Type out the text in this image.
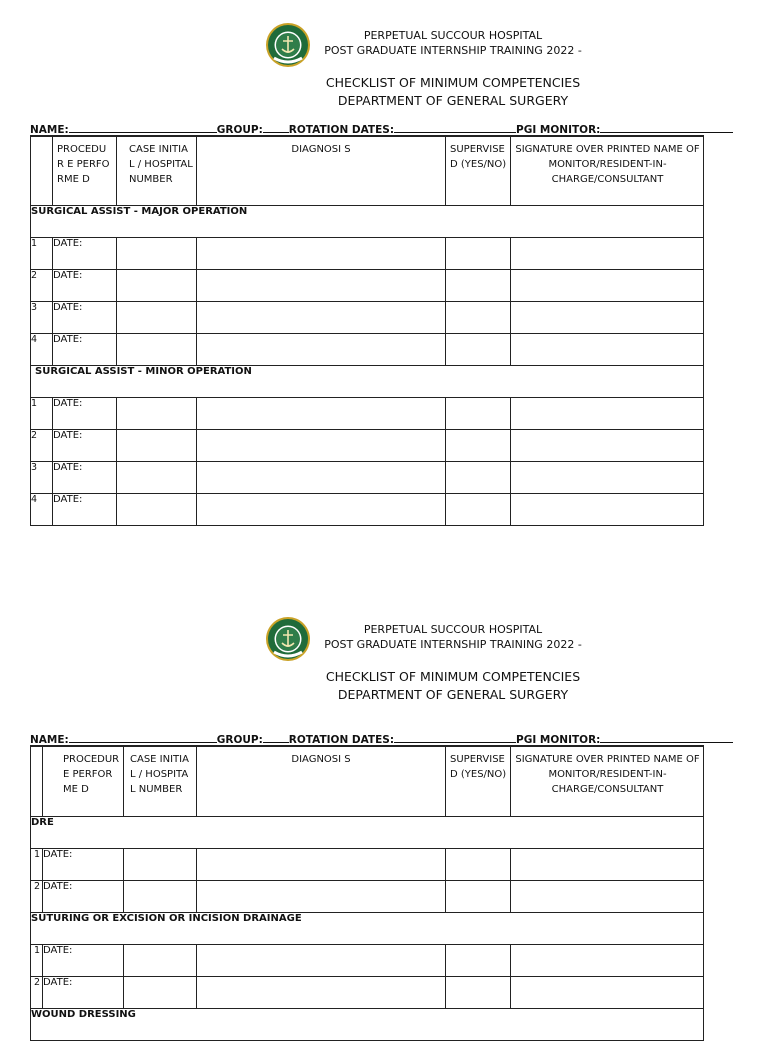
PERPETUAL SUCCOUR HOSPITAL
POST GRADUATE INTERNSHIP TRAINING 2022 -
CHECKLIST OF MINIMUM COMPETENCIES
DEPARTMENT OF GENERAL SURGERY
NAME:	GROUP: ROTATION DATES:	PGI MONITOR:

	PROCEDUR E PERFORME D	CASE INITIAL / HOSPITAL NUMBER	DIAGNOSI S	SUPERVISE D (YES/NO)	SIGNATURE OVER PRINTED NAME OF MONITOR/RESIDENT-IN-CHARGE/CONSULTANT

SURGICAL ASSIST - MAJOR OPERATION					
1	DATE:				
2	DATE:				
3	DATE:				
4	DATE:				
SURGICAL ASSIST - MINOR OPERATION					
1	DATE:				
2	DATE:				
3	DATE:				
4	DATE:				
PERPETUAL SUCCOUR HOSPITAL
POST GRADUATE INTERNSHIP TRAINING 2022 -
CHECKLIST OF MINIMUM COMPETENCIES
DEPARTMENT OF GENERAL SURGERY
NAME:	GROUP: ROTATION DATES:	PGI MONITOR:

	PROCEDUR E PERFORME D	CASE INITIAL / HOSPITAL NUMBER	DIAGNOSI S	SUPERVISE D (YES/NO)	SIGNATURE OVER PRINTED NAME OF MONITOR/RESIDENT-IN-CHARGE/CONSULTANT

DRE					
1	DATE:				
2	DATE:				
SUTURING OR EXCISION OR INCISION DRAINAGE					
1	DATE:				
2	DATE:				
WOUND DRESSING					
